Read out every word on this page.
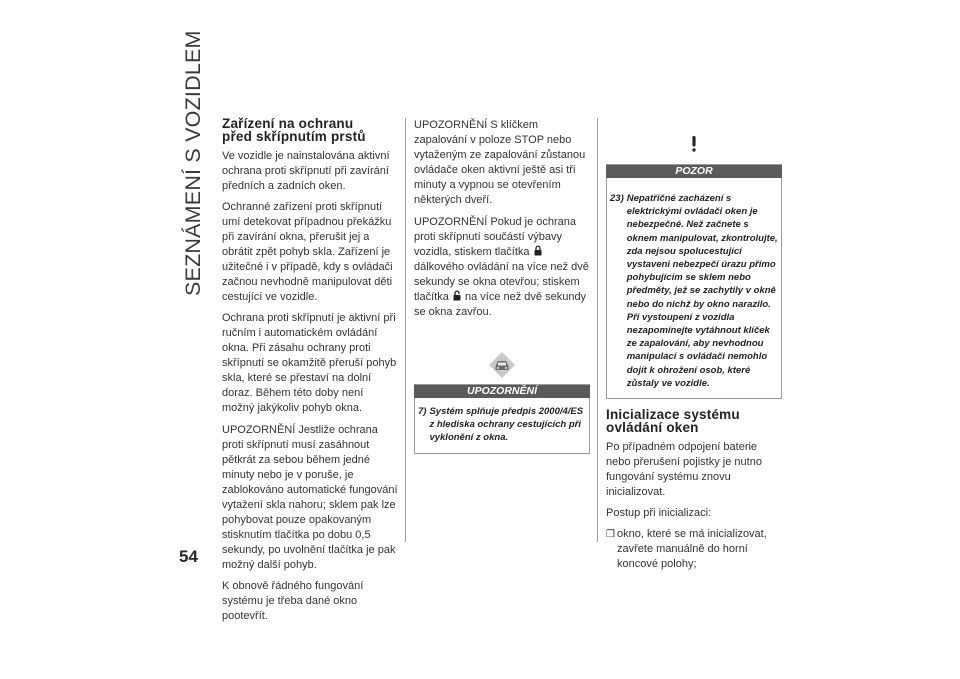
SEZNÁMENÍ S VOZIDLEM
54
Zařízení na ochranu
před skřípnutím prstů

Ve vozidle je nainstalována aktivní ochrana proti skřípnutí při zavírání předních a zadních oken.

Ochranné zařízení proti skřípnutí umí detekovat případnou překážku při zavírání okna, přerušit jej a obrátit zpět pohyb skla. Zařízení je užitečné i v případě, kdy s ovládači začnou nevhodně manipulovat děti cestující ve vozidle.

Ochrana proti skřípnutí je aktivní při ručním i automatickém ovládání okna. Při zásahu ochrany proti skřípnutí se okamžitě přeruší pohyb skla, které se přestaví na dolní doraz. Během této doby není možný jakýkoliv pohyb okna.

UPOZORNĚNÍ Jestliže ochrana proti skřípnutí musí zasáhnout pětkrát za sebou během jedné minuty nebo je v poruše, je zablokováno automatické fungování vytažení skla nahoru; sklem pak lze pohybovat pouze opakovaným stisknutím tlačítka po dobu 0,5 sekundy, po uvolnění tlačítka je pak možný další pohyb.

K obnově řádného fungování systému je třeba dané okno pootevřít.

UPOZORNĚNÍ S klíčkem zapalování v poloze STOP nebo vytaženým ze zapalování zůstanou ovládače oken aktivní ještě asi tři minuty a vypnou se otevřením některých dveří.

UPOZORNĚNÍ Pokud je ochrana proti skřípnutí součástí výbavy vozidla, stiskem tlačítka  dálkového ovládání na více než dvě sekundy se okna otevřou; stiskem tlačítka na více než dvě sekundy se okna zavřou.

UPOZORNĚNÍ
7) Systém splňuje předpis 2000/4/ES z hlediska ochrany cestujících při vyklonění z okna.
POZOR
23) Nepatřičné zacházení s elektrickými ovládači oken je nebezpečné. Než začnete s oknem manipulovat, zkontrolujte, zda nejsou spolucestující vystaveni nebezpečí úrazu přímo pohybujícím se sklem nebo předměty, jež se zachytily v okně nebo do nichž by okno narazilo. Při vystoupení z vozidla nezapomínejte vytáhnout klíček ze zapalování, aby nevhodnou manipulací s ovládači nemohlo dojít k ohrožení osob, které zůstaly ve vozidle.
Inicializace systému
ovládání oken

Po případném odpojení baterie nebo přerušení pojistky je nutno fungování systému znovu inicializovat.

Postup při inicializaci:

❒ okno, které se má inicializovat, zavřete manuálně do horní koncové polohy;
